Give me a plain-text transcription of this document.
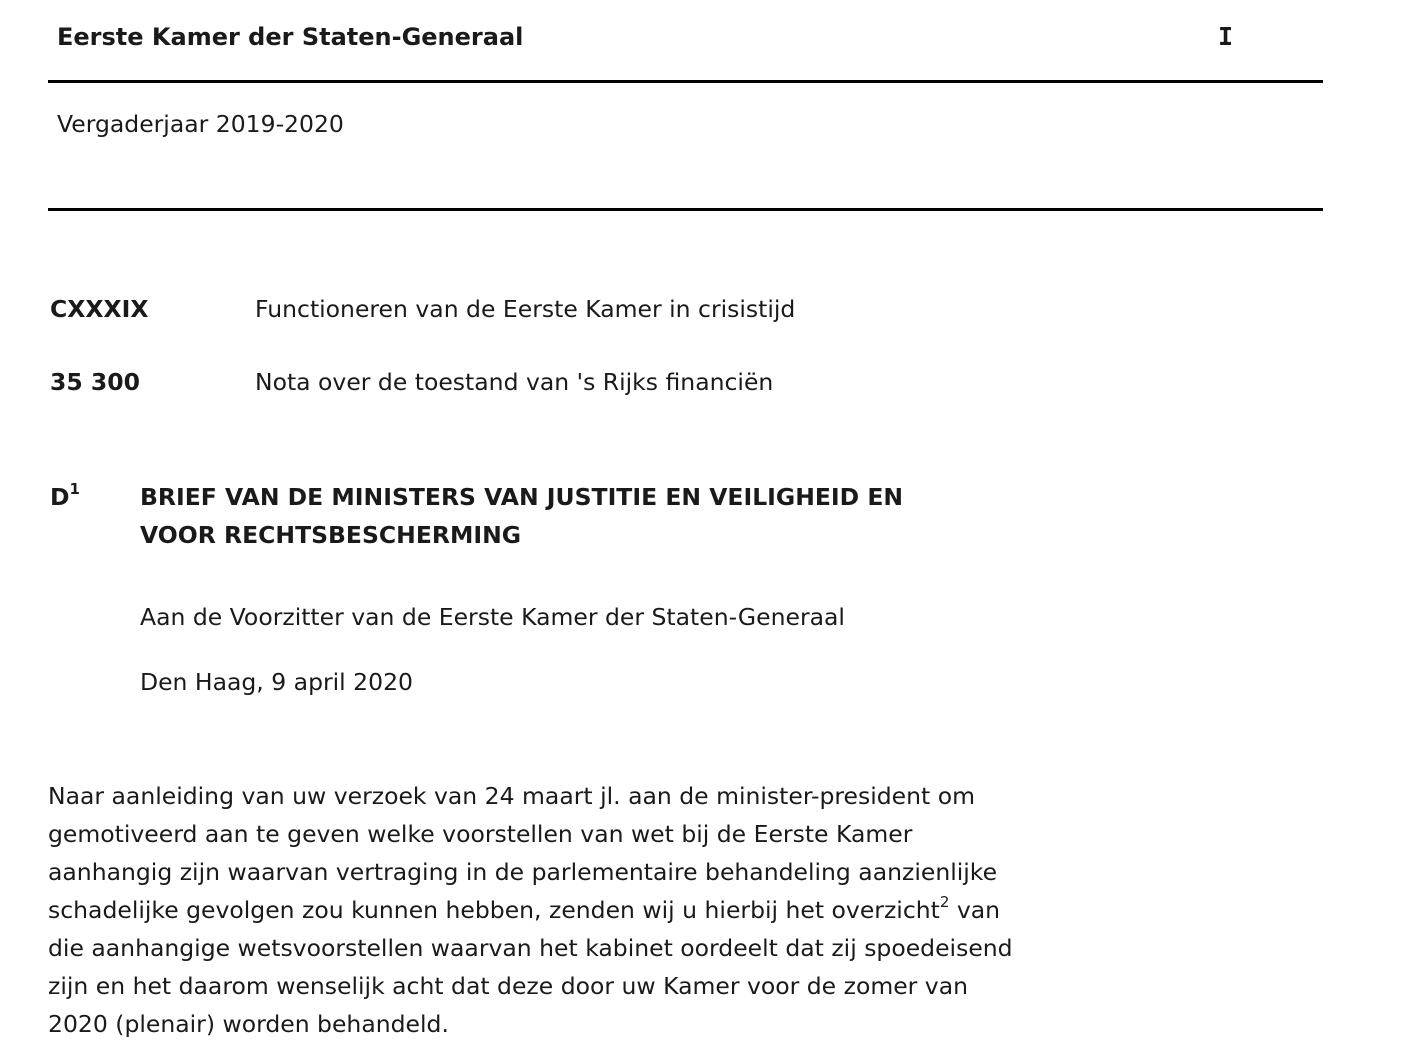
Eerste Kamer der Staten-Generaal	I
Vergaderjaar 2019-2020
CXXXIX	Functioneren van de Eerste Kamer in crisistijd
35 300	Nota over de toestand van 's Rijks financiën
D$^1$	BRIEF VAN DE MINISTERS VAN JUSTITIE EN VEILIGHEID EN
VOOR RECHTSBESCHERMING
Aan de Voorzitter van de Eerste Kamer der Staten-Generaal
Den Haag, 9 april 2020
Naar aanleiding van uw verzoek van 24 maart jl. aan de minister-president om
gemotiveerd aan te geven welke voorstellen van wet bij de Eerste Kamer
aanhangig zijn waarvan vertraging in de parlementaire behandeling aanzienlijke
schadelijke gevolgen zou kunnen hebben, zenden wij u hierbij het overzicht$^2$ van
die aanhangige wetsvoorstellen waarvan het kabinet oordeelt dat zij spoedeisend
zijn en het daarom wenselijk acht dat deze door uw Kamer voor de zomer van
2020 (plenair) worden behandeld.
